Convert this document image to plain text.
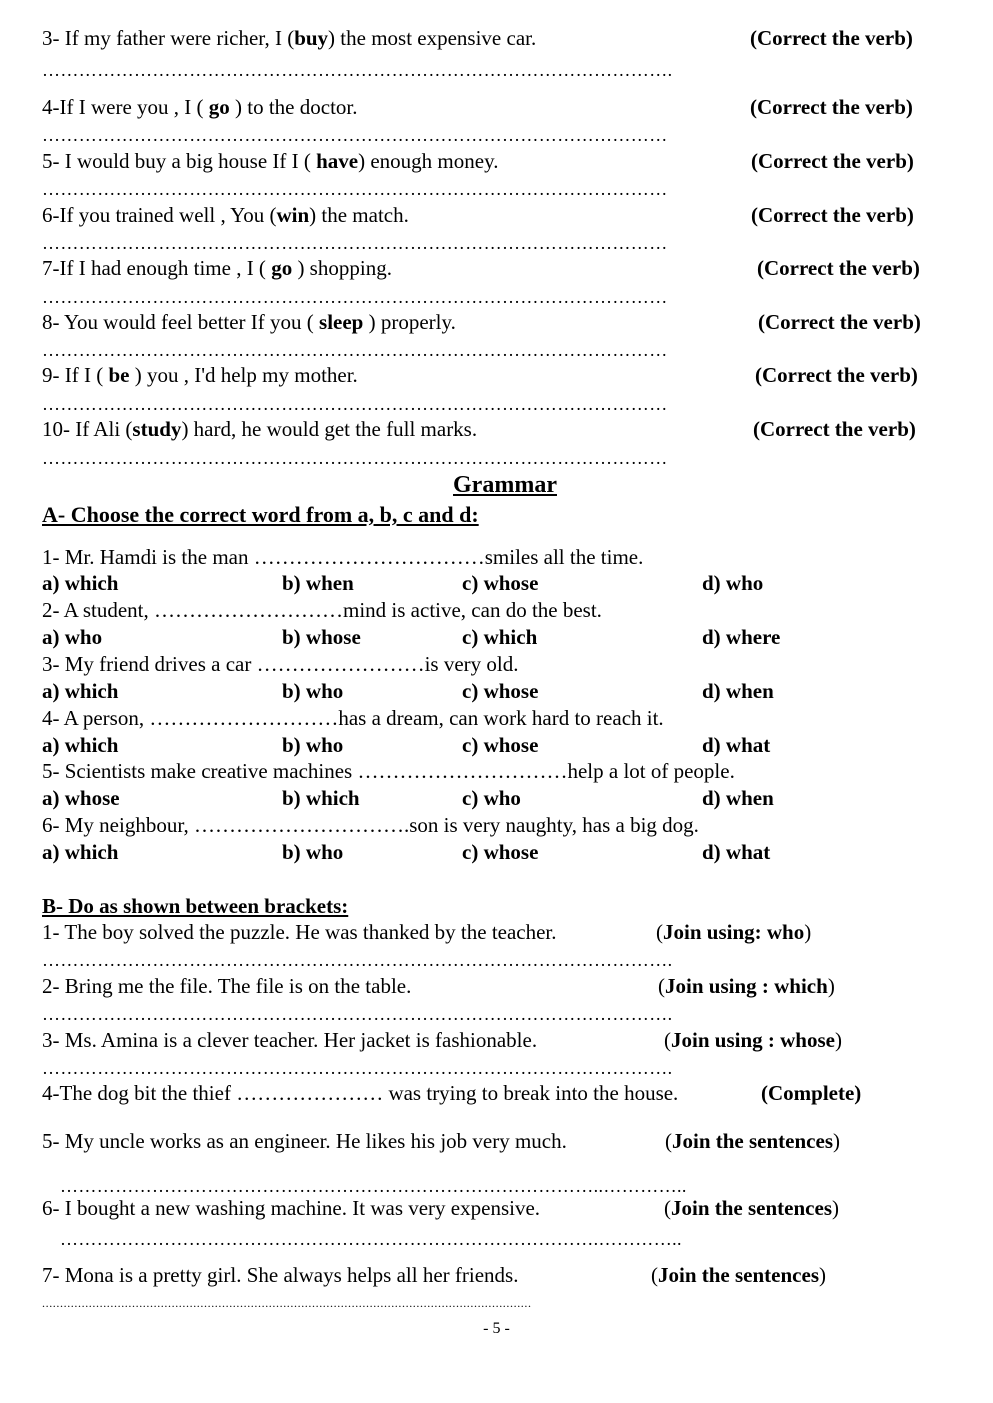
3- If my father were richer, I (buy) the most expensive car.	(Correct the verb)
………………………………………………………………………………………….
4-If I were you , I ( go ) to the doctor.	(Correct the verb)
…………………………………………………………………………………………
5- I would buy a big house If I ( have) enough money.	(Correct the verb)
…………………………………………………………………………………………
6-If you trained well , You (win) the match.	(Correct the verb)
…………………………………………………………………………………………
7-If I had enough time , I ( go ) shopping.	(Correct the verb)
…………………………………………………………………………………………
8- You would feel better If you ( sleep ) properly.	(Correct the verb)
…………………………………………………………………………………………
9- If I ( be ) you , I'd help my mother.	(Correct the verb)
…………………………………………………………………………………………
10- If Ali (study) hard, he would get the full marks.	(Correct the verb)
…………………………………………………………………………………………
Grammar
A- Choose the correct word from a, b, c and d:
1- Mr. Hamdi is the man ……………………………smiles all the time.
a) which	b) when	c) whose	d) who
2- A student, ………………………mind is active, can do the best.
a) who	b) whose	c) which	d) where
3- My friend drives a car ……………………is very old.
a) which	b) who	c) whose	d) when
4- A person, ………………………has a dream, can work hard to reach it.
a) which	b) who	c) whose	d) what
5- Scientists make creative machines …………………………help a lot of people.
a) whose	b) which	c) who	d) when
6- My neighbour, ………………………….son is very naughty, has a big dog.
a) which	b) who	c) whose	d) what
B- Do as shown between brackets:
1- The boy solved the puzzle. He was thanked by the teacher.	(Join using: who)
………………………………………………………………………………………….
2- Bring me the file. The file is on the table.	(Join using : which)
………………………………………………………………………………………….
3- Ms. Amina is a clever teacher. Her jacket is fashionable.	(Join using : whose)
………………………………………………………………………………………….
4-The dog bit the thief ………………… was trying to break into the house.	(Complete)
5- My uncle works as an engineer. He likes his job very much.	(Join the sentences)
……………………………………………………………………………..…………..
6- I bought a new washing machine. It was very expensive.	(Join the sentences)
…………………………………………………………………………….…………..
7- Mona is a pretty girl. She always helps all her friends.	(Join the sentences)
........................................................................................................................................
- 5 -
